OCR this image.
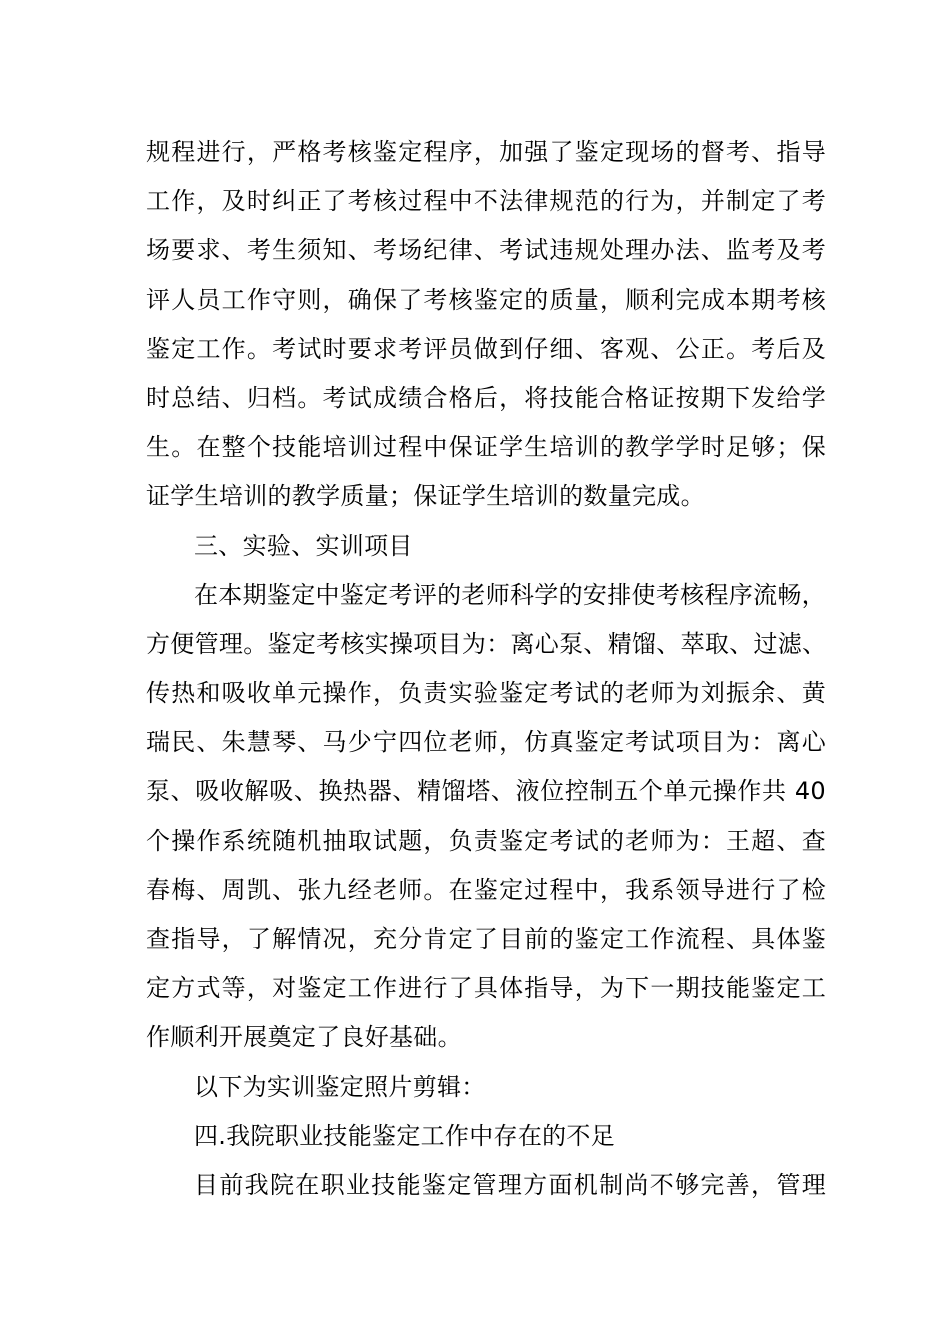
规程进行，严格考核鉴定程序，加强了鉴定现场的督考、指导
工作，及时纠正了考核过程中不法律规范的行为，并制定了考
场要求、考生须知、考场纪律、考试违规处理办法、监考及考
评人员工作守则，确保了考核鉴定的质量，顺利完成本期考核
鉴定工作。考试时要求考评员做到仔细、客观、公正。考后及
时总结、归档。考试成绩合格后，将技能合格证按期下发给学
生。在整个技能培训过程中保证学生培训的教学学时足够；保
证学生培训的教学质量；保证学生培训的数量完成。
三、实验、实训项目
在本期鉴定中鉴定考评的老师科学的安排使考核程序流畅，
方便管理。鉴定考核实操项目为：离心泵、精馏、萃取、过滤、
传热和吸收单元操作，负责实验鉴定考试的老师为刘振余、黄
瑞民、朱慧琴、马少宁四位老师，仿真鉴定考试项目为：离心
泵、吸收解吸、换热器、精馏塔、液位控制五个单元操作共 40
个操作系统随机抽取试题，负责鉴定考试的老师为：王超、查
春梅、周凯、张九经老师。在鉴定过程中，我系领导进行了检
查指导，了解情况，充分肯定了目前的鉴定工作流程、具体鉴
定方式等，对鉴定工作进行了具体指导，为下一期技能鉴定工
作顺利开展奠定了良好基础。
以下为实训鉴定照片剪辑：
四.我院职业技能鉴定工作中存在的不足
目前我院在职业技能鉴定管理方面机制尚不够完善，管理
